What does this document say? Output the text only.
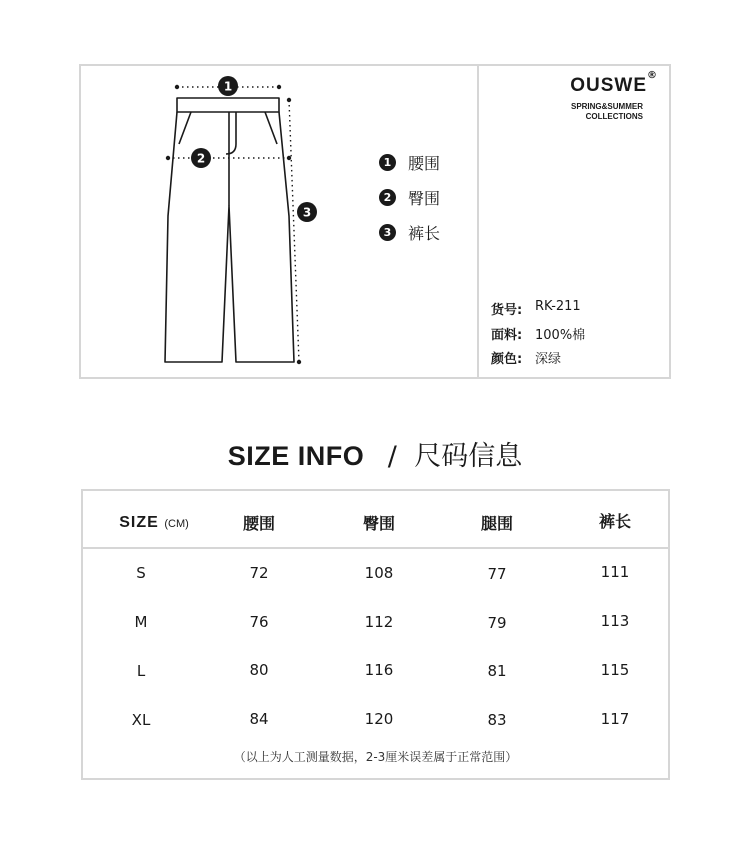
1
2
3
1 腰围
2 臀围
3 裤长
OUSWE ®
SPRING&SUMMER
COLLECTIONS
货号: RK-211
面料: 100%棉
颜色: 深绿
SIZE INFO / 尺码信息
SIZE (CM)	腰围	臀围	腿围	裤长
S	72	108	77	111
M	76	112	79	113
L	80	116	81	115
XL	84	120	83	117
（以上为人工测量数据，2-3厘米误差属于正常范围）
